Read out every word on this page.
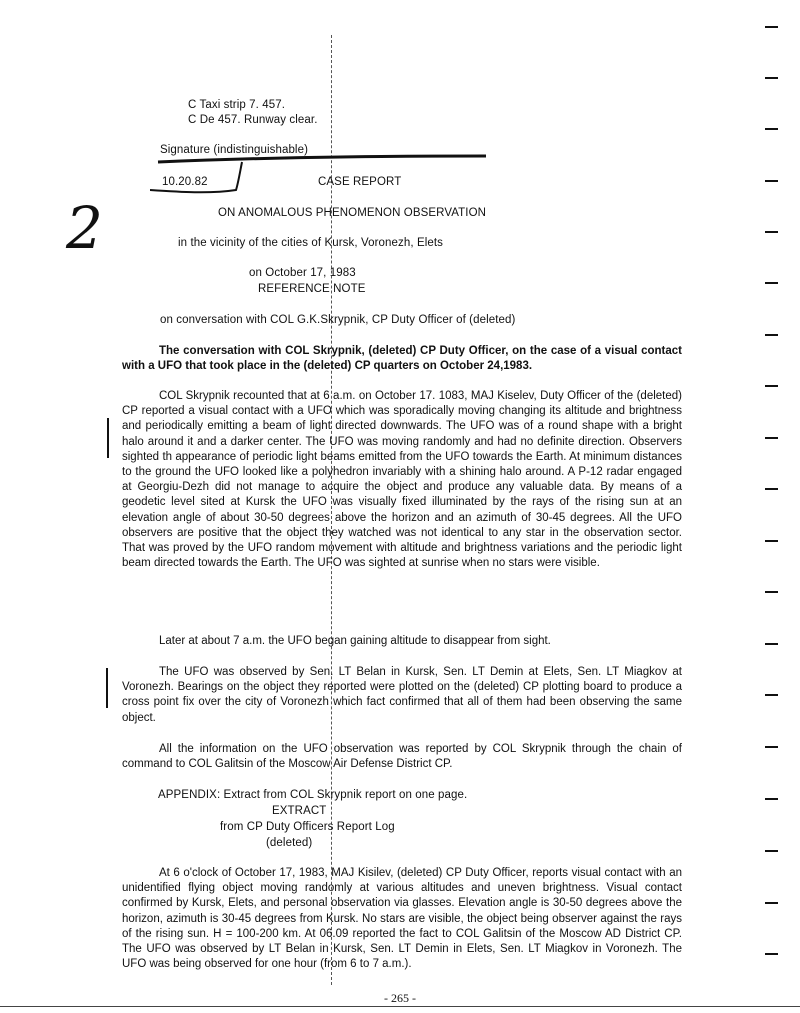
C Taxi strip 7. 457.
C De 457. Runway clear.
Signature (indistinguishable)
2
10.20.82	CASE REPORT
ON ANOMALOUS PHENOMENON OBSERVATION
in the vicinity of the cities of Kursk, Voronezh, Elets
on October 17, 1983
REFERENCE NOTE
on conversation with COL G.K.Skrypnik, CP Duty Officer of (deleted)
The conversation with COL Skrypnik, (deleted) CP Duty Officer, on the case of a visual contact with a UFO that took place in the (deleted) CP quarters on October 24,1983.
COL Skrypnik recounted that at 6 a.m. on October 17. 1083, MAJ Kiselev, Duty Officer of the (deleted) CP reported a visual contact with a UFO which was sporadically moving changing its altitude and brightness and periodically emitting a beam of light directed downwards. The UFO was of a round shape with a bright halo around it and a darker center. The UFO was moving randomly and had no definite direction. Observers sighted th appearance of periodic light beams emitted from the UFO towards the Earth. At minimum distances to the ground the UFO looked like a polyhedron invariably with a shining halo around. A P-12 radar engaged at Georgiu-Dezh did not manage to acquire the object and produce any valuable data. By means of a geodetic level sited at Kursk the UFO was visually fixed illuminated by the rays of the rising sun at an elevation angle of about 30-50 degrees above the horizon and an azimuth of 30-45 degrees. All the UFO observers are positive that the object they watched was not identical to any star in the observation sector. That was proved by the UFO random movement with altitude and brightness variations and the periodic light beam directed towards the Earth. The UFO was sighted at sunrise when no stars were visible.
Later at about 7 a.m. the UFO began gaining altitude to disappear from sight.
The UFO was observed by Sen. LT Belan in Kursk, Sen. LT Demin at Elets, Sen. LT Miagkov at Voronezh. Bearings on the object they reported were plotted on the (deleted) CP plotting board to produce a cross point fix over the city of Voronezh which fact confirmed that all of them had been observing the same object.
All the information on the UFO observation was reported by COL Skrypnik through the chain of command to COL Galitsin of the Moscow Air Defense District CP.
APPENDIX: Extract from COL Skrypnik report on one page.
EXTRACT
from CP Duty Officers Report Log
(deleted)
At 6 o'clock of October 17, 1983, MAJ Kisilev, (deleted) CP Duty Officer, reports visual contact with an unidentified flying object moving randomly at various altitudes and uneven brightness. Visual contact confirmed by Kursk, Elets, and personal observation via glasses. Elevation angle is 30-50 degrees above the horizon, azimuth is 30-45 degrees from Kursk. No stars are visible, the object being observer against the rays of the rising sun. H = 100-200 km. At 06.09 reported the fact to COL Galitsin of the Moscow AD District CP. The UFO was observed by LT Belan in Kursk, Sen. LT Demin in Elets, Sen. LT Miagkov in Voronezh. The UFO was being observed for one hour (from 6 to 7 a.m.).
- 265 -
